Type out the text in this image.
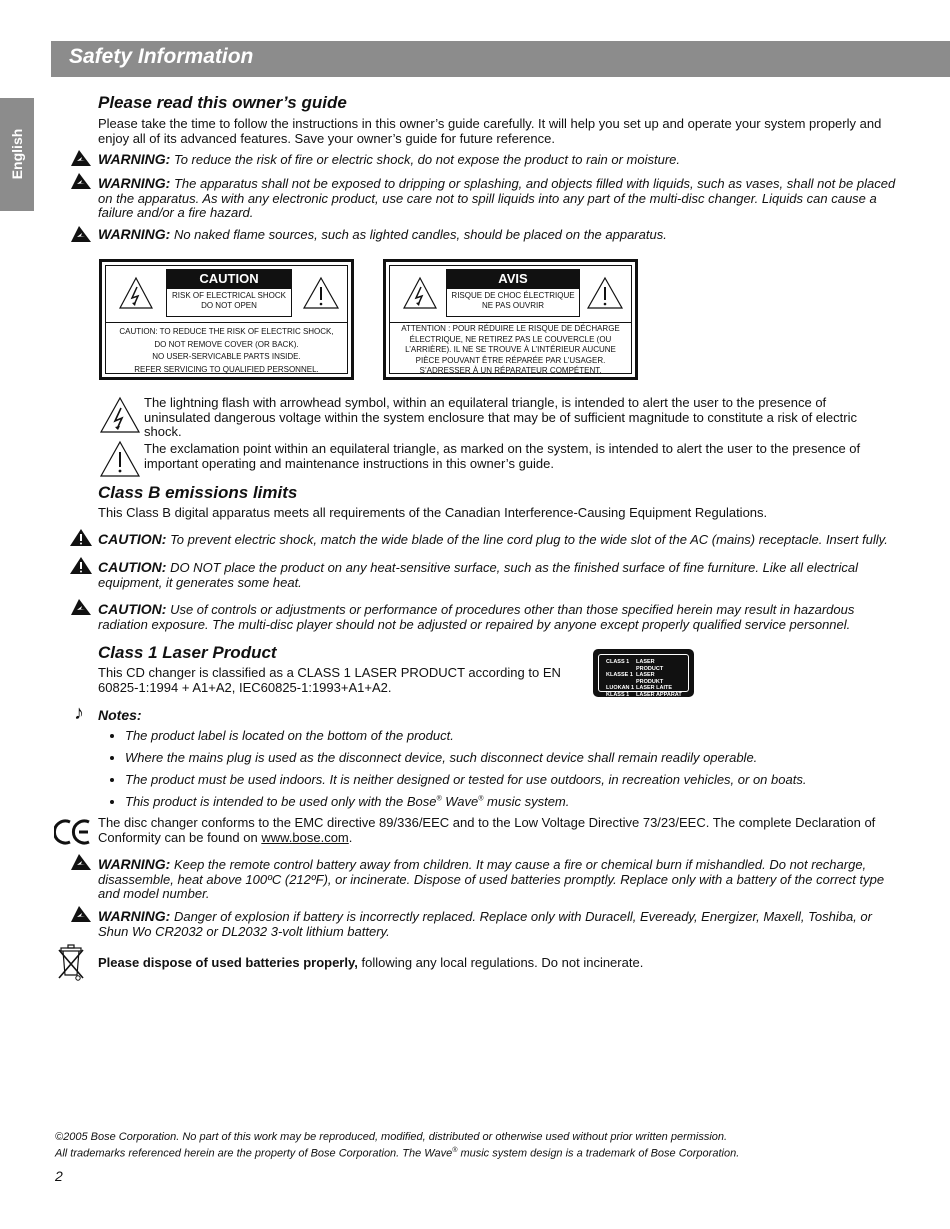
Safety Information
English
Please read this owner’s guide
Please take the time to follow the instructions in this owner’s guide carefully. It will help you set up and operate your system properly and enjoy all of its advanced features. Save your owner’s guide for future reference.
WARNING: To reduce the risk of fire or electric shock, do not expose the product to rain or moisture.
WARNING: The apparatus shall not be exposed to dripping or splashing, and objects filled with liquids, such as vases, shall not be placed on the apparatus. As with any electronic product, use care not to spill liquids into any part of the multi-disc changer. Liquids can cause a failure and/or a fire hazard.
WARNING: No naked flame sources, such as lighted candles, should be placed on the apparatus.
CAUTION
RISK OF ELECTRICAL SHOCK DO NOT OPEN
CAUTION: TO REDUCE THE RISK OF ELECTRIC SHOCK,
DO NOT REMOVE COVER (OR BACK).
NO USER-SERVICABLE PARTS INSIDE.
REFER SERVICING TO QUALIFIED PERSONNEL.
AVIS
RISQUE DE CHOC ÉLECTRIQUE NE PAS OUVRIR
ATTENTION : POUR RÉDUIRE LE RISQUE DE DÉCHARGE
ÉLECTRIQUE, NE RETIREZ PAS LE COUVERCLE (OU
L’ARRIÈRE). IL NE SE TROUVE À L’INTÉRIEUR AUCUNE
PIÈCE POUVANT ÊTRE RÉPARÉE PAR L’USAGER.
S’ADRESSER À UN RÉPARATEUR COMPÉTENT.
The lightning flash with arrowhead symbol, within an equilateral triangle, is intended to alert the user to the presence of uninsulated dangerous voltage within the system enclosure that may be of sufficient magnitude to constitute a risk of electric shock.
The exclamation point within an equilateral triangle, as marked on the system, is intended to alert the user to the presence of important operating and maintenance instructions in this owner’s guide.
Class B emissions limits
This Class B digital apparatus meets all requirements of the Canadian Interference-Causing Equipment Regulations.
CAUTION: To prevent electric shock, match the wide blade of the line cord plug to the wide slot of the AC (mains) receptacle. Insert fully.
CAUTION: DO NOT place the product on any heat-sensitive surface, such as the finished surface of fine furniture. Like all electrical equipment, it generates some heat.
CAUTION: Use of controls or adjustments or performance of procedures other than those specified herein may result in hazardous radiation exposure. The multi-disc player should not be adjusted or repaired by anyone except properly qualified service personnel.
Class 1 Laser Product
This CD changer is classified as a CLASS 1 LASER PRODUCT according to EN 60825-1:1994 + A1+A2, IEC60825-1:1993+A1+A2.
CLASS 1 LASER PRODUCT
KLASSE 1 LASER PRODUKT
LUOKAN 1 LASER LAITE
KLASS 1 LASER APPARAT
♪ Notes:
• The product label is located on the bottom of the product.
• Where the mains plug is used as the disconnect device, such disconnect device shall remain readily operable.
• The product must be used indoors. It is neither designed or tested for use outdoors, in recreation vehicles, or on boats.
• This product is intended to be used only with the Bose® Wave® music system.
The disc changer conforms to the EMC directive 89/336/EEC and to the Low Voltage Directive 73/23/EEC. The complete Declaration of Conformity can be found on www.bose.com.
WARNING: Keep the remote control battery away from children. It may cause a fire or chemical burn if mishandled. Do not recharge, disassemble, heat above 100ºC (212ºF), or incinerate. Dispose of used batteries promptly. Replace only with a battery of the correct type and model number.
WARNING: Danger of explosion if battery is incorrectly replaced. Replace only with Duracell, Eveready, Energizer, Maxell, Toshiba, or Shun Wo CR2032 or DL2032 3-volt lithium battery.
Please dispose of used batteries properly, following any local regulations. Do not incinerate.
©2005 Bose Corporation. No part of this work may be reproduced, modified, distributed or otherwise used without prior written permission.
All trademarks referenced herein are the property of Bose Corporation. The Wave® music system design is a trademark of Bose Corporation.
2
